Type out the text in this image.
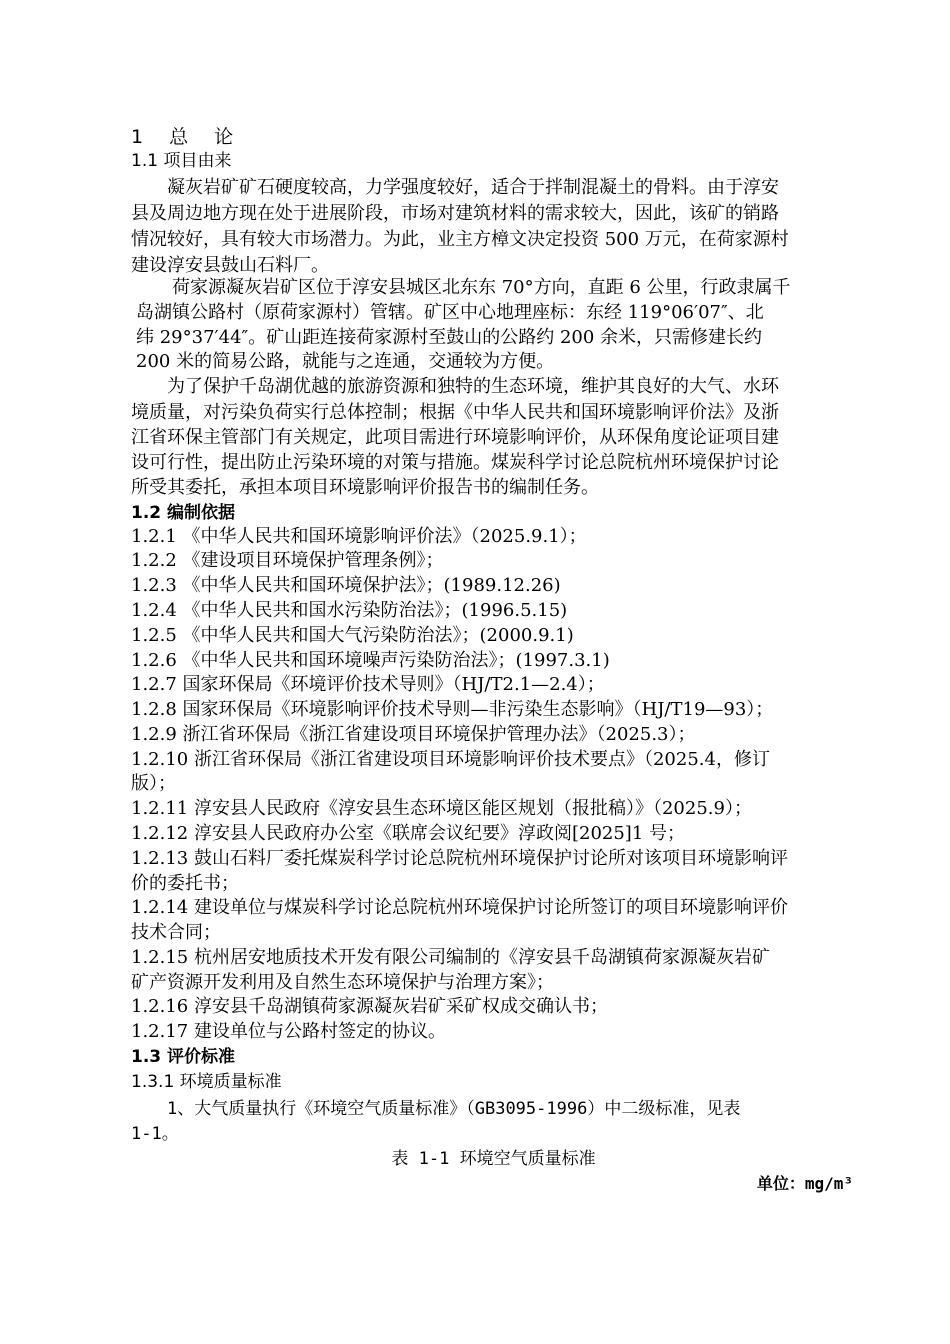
1 总 论
1.1 项目由来
凝灰岩矿矿石硬度较高，力学强度较好，适合于拌制混凝土的骨料。由于淳安
县及周边地方现在处于进展阶段，市场对建筑材料的需求较大，因此，该矿的销路
情况较好，具有较大市场潜力。为此，业主方樟文决定投资 500 万元，在荷家源村
建设淳安县鼓山石料厂。
荷家源凝灰岩矿区位于淳安县城区北东东 70°方向，直距 6 公里，行政隶属千
岛湖镇公路村（原荷家源村）管辖。矿区中心地理座标：东经 119°06′07″、北
纬 29°37′44″。矿山距连接荷家源村至鼓山的公路约 200 余米，只需修建长约
200 米的简易公路，就能与之连通，交通较为方便。
为了保护千岛湖优越的旅游资源和独特的生态环境，维护其良好的大气、水环
境质量，对污染负荷实行总体控制；根据《中华人民共和国环境影响评价法》及浙
江省环保主管部门有关规定，此项目需进行环境影响评价，从环保角度论证项目建
设可行性，提出防止污染环境的对策与措施。煤炭科学讨论总院杭州环境保护讨论
所受其委托，承担本项目环境影响评价报告书的编制任务。
1.2 编制依据
1.2.1 《中华人民共和国环境影响评价法》（2025.9.1）；
1.2.2 《建设项目环境保护管理条例》；
1.2.3 《中华人民共和国环境保护法》；(1989.12.26)
1.2.4 《中华人民共和国水污染防治法》；(1996.5.15)
1.2.5 《中华人民共和国大气污染防治法》；(2000.9.1)
1.2.6 《中华人民共和国环境噪声污染防治法》；(1997.3.1)
1.2.7 国家环保局《环境评价技术导则》（HJ/T2.1—2.4）；
1.2.8 国家环保局《环境影响评价技术导则—非污染生态影响》（HJ/T19—93）；
1.2.9 浙江省环保局《浙江省建设项目环境保护管理办法》（2025.3）；
1.2.10 浙江省环保局《浙江省建设项目环境影响评价技术要点》（2025.4，修订
版）；
1.2.11 淳安县人民政府《淳安县生态环境区能区规划（报批稿）》（2025.9）；
1.2.12 淳安县人民政府办公室《联席会议纪要》淳政阅[2025]1 号；
1.2.13 鼓山石料厂委托煤炭科学讨论总院杭州环境保护讨论所对该项目环境影响评
价的委托书；
1.2.14 建设单位与煤炭科学讨论总院杭州环境保护讨论所签订的项目环境影响评价
技术合同；
1.2.15 杭州居安地质技术开发有限公司编制的《淳安县千岛湖镇荷家源凝灰岩矿
矿产资源开发利用及自然生态环境保护与治理方案》；
1.2.16 淳安县千岛湖镇荷家源凝灰岩矿采矿权成交确认书；
1.2.17 建设单位与公路村签定的协议。
1.3 评价标准
1.3.1 环境质量标准
1、大气质量执行《环境空气质量标准》（GB3095-1996）中二级标准，见表
1-1。
表 1-1 环境空气质量标准
单位：mg/m³
